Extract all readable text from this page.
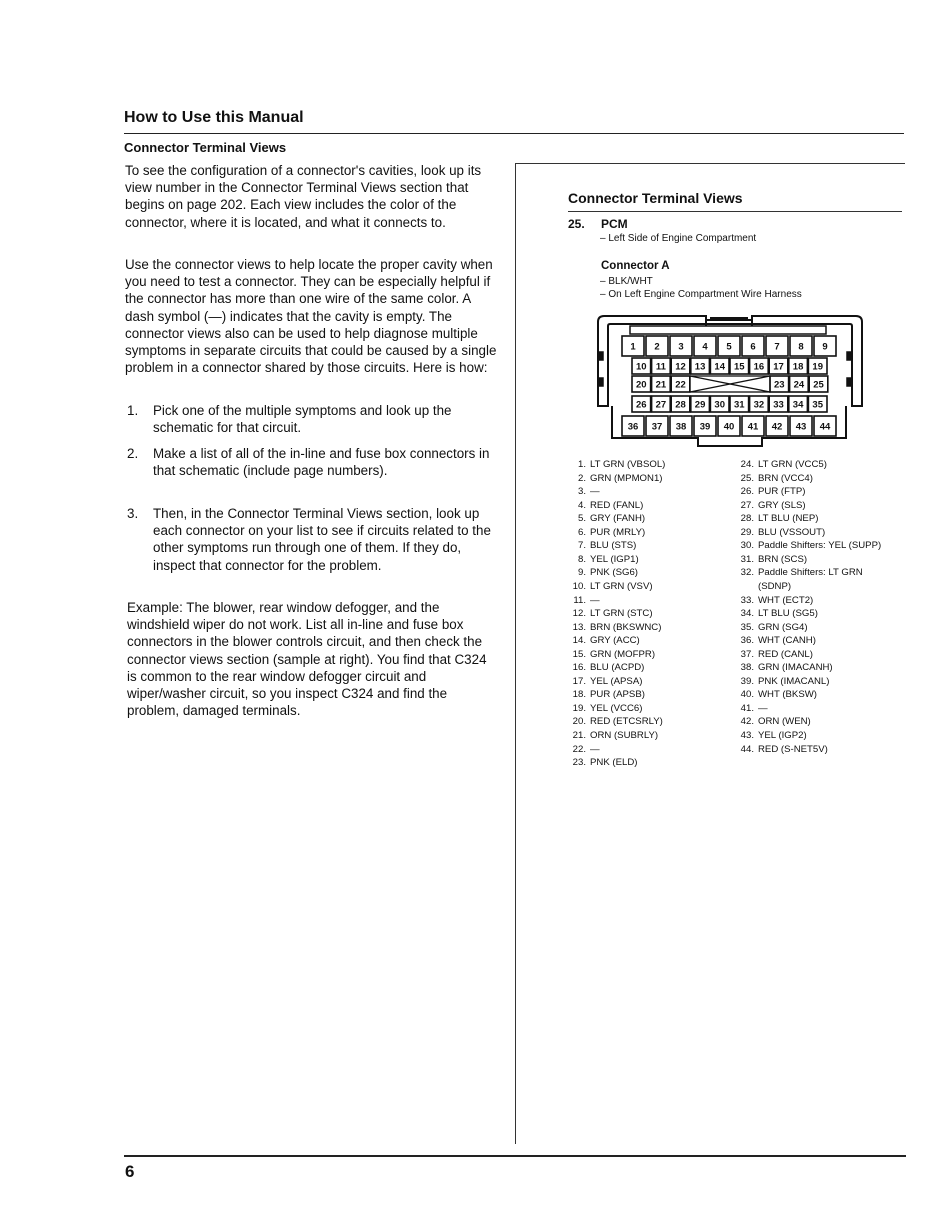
How to Use this Manual
Connector Terminal Views
To see the configuration of a connector's cavities, look up its view number in the Connector Terminal Views section that begins on page 202. Each view includes the color of the connector, where it is located, and what it connects to.
Use the connector views to help locate the proper cavity when you need to test a connector. They can be especially helpful if the connector has more than one wire of the same color. A dash symbol (—) indicates that the cavity is empty. The connector views also can be used to help diagnose multiple symptoms in separate circuits that could be caused by a single problem in a connector shared by those circuits. Here is how:
1. Pick one of the multiple symptoms and look up the schematic for that circuit.
2. Make a list of all of the in-line and fuse box connectors in that schematic (include page numbers).
3. Then, in the Connector Terminal Views section, look up each connector on your list to see if circuits related to the other symptoms run through one of them. If they do, inspect that connector for the problem.
Example: The blower, rear window defogger, and the windshield wiper do not work. List all in-line and fuse box connectors in the blower controls circuit, and then check the connector views section (sample at right). You find that C324 is common to the rear window defogger circuit and wiper/washer circuit, so you inspect C324 and find the problem, damaged terminals.
Connector Terminal Views
25. PCM
– Left Side of Engine Compartment
Connector A
– BLK/WHT
– On Left Engine Compartment Wire Harness
1 2 3 4 5 6 7 8 9
10 11 12 13 14 15 16 17 18 19
20 21 22	23 24 25
26 27 28 29 30 31 32 33 34 35
36 37 38 39 40 41 42 43 44
1. LT GRN (VBSOL)
2. GRN (MPMON1)
3. —
4. RED (FANL)
5. GRY (FANH)
6. PUR (MRLY)
7. BLU (STS)
8. YEL (IGP1)
9. PNK (SG6)
10. LT GRN (VSV)
11. —
12. LT GRN (STC)
13. BRN (BKSWNC)
14. GRY (ACC)
15. GRN (MOFPR)
16. BLU (ACPD)
17. YEL (APSA)
18. PUR (APSB)
19. YEL (VCC6)
20. RED (ETCSRLY)
21. ORN (SUBRLY)
22. —
23. PNK (ELD)
24. LT GRN (VCC5)
25. BRN (VCC4)
26. PUR (FTP)
27. GRY (SLS)
28. LT BLU (NEP)
29. BLU (VSSOUT)
30. Paddle Shifters: YEL (SUPP)
31. BRN (SCS)
32. Paddle Shifters: LT GRN
(SDNP)
33. WHT (ECT2)
34. LT BLU (SG5)
35. GRN (SG4)
36. WHT (CANH)
37. RED (CANL)
38. GRN (IMACANH)
39. PNK (IMACANL)
40. WHT (BKSW)
41. —
42. ORN (WEN)
43. YEL (IGP2)
44. RED (S-NET5V)
6
